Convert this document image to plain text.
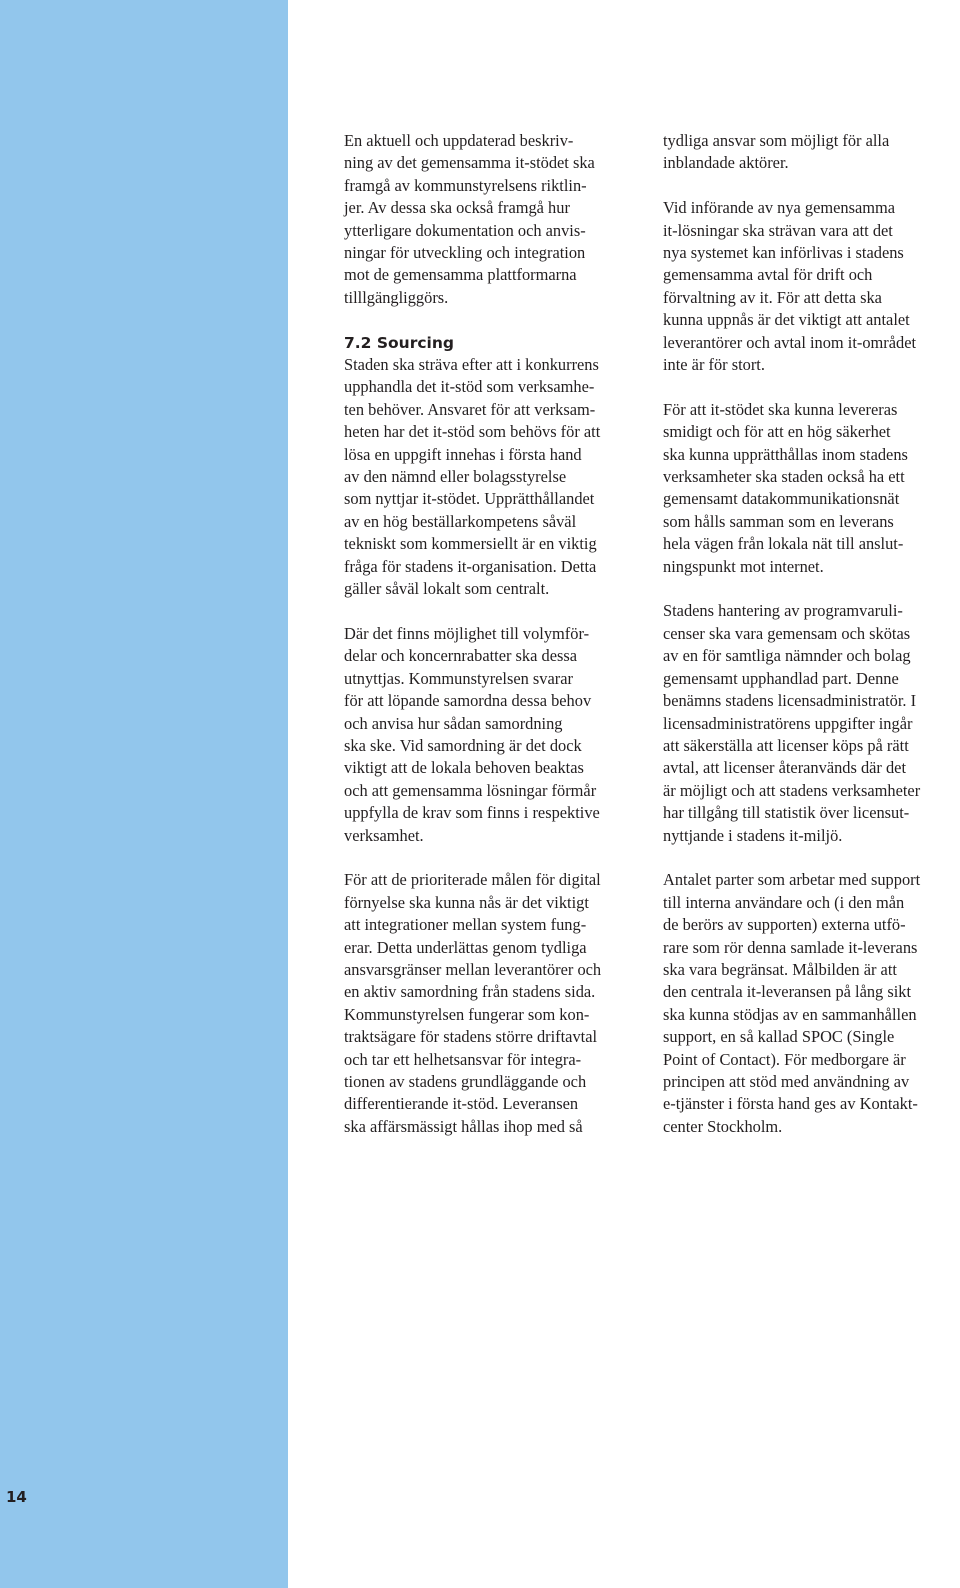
14

En aktuell och uppdaterad beskriv-
ning av det gemensamma it-stödet ska
framgå av kommunstyrelsens riktlin-
jer. Av dessa ska också framgå hur
ytterligare dokumentation och anvis-
ningar för utveckling och integration
mot de gemensamma plattformarna
tilllgängliggörs.

7.2 Sourcing

Staden ska sträva efter att i konkurrens
upphandla det it-stöd som verksamhe-
ten behöver. Ansvaret för att verksam-
heten har det it-stöd som behövs för att
lösa en uppgift innehas i första hand
av den nämnd eller bolagsstyrelse
som nyttjar it-stödet. Upprätthållandet
av en hög beställarkompetens såväl
tekniskt som kommersiellt är en viktig
fråga för stadens it-organisation. Detta
gäller såväl lokalt som centralt.

Där det finns möjlighet till volymför-
delar och koncernrabatter ska dessa
utnyttjas. Kommunstyrelsen svarar
för att löpande samordna dessa behov
och anvisa hur sådan samordning
ska ske. Vid samordning är det dock
viktigt att de lokala behoven beaktas
och att gemensamma lösningar förmår
uppfylla de krav som finns i respektive
verksamhet.

För att de prioriterade målen för digital
förnyelse ska kunna nås är det viktigt
att integrationer mellan system fung-
erar. Detta underlättas genom tydliga
ansvarsgränser mellan leverantörer och
en aktiv samordning från stadens sida.
Kommunstyrelsen fungerar som kon-
traktsägare för stadens större driftavtal
och tar ett helhetsansvar för integra-
tionen av stadens grundläggande och
differentierande it-stöd. Leveransen
ska affärsmässigt hållas ihop med så

tydliga ansvar som möjligt för alla
inblandade aktörer.

Vid införande av nya gemensamma
it-lösningar ska strävan vara att det
nya systemet kan införlivas i stadens
gemensamma avtal för drift och
förvaltning av it. För att detta ska
kunna uppnås är det viktigt att antalet
leverantörer och avtal inom it-området
inte är för stort.

För att it-stödet ska kunna levereras
smidigt och för att en hög säkerhet
ska kunna upprätthållas inom stadens
verksamheter ska staden också ha ett
gemensamt datakommunikationsnät
som hålls samman som en leverans
hela vägen från lokala nät till anslut-
ningspunkt mot internet.

Stadens hantering av programvaruli-
censer ska vara gemensam och skötas
av en för samtliga nämnder och bolag
gemensamt upphandlad part. Denne
benämns stadens licensadministratör. I
licensadministratörens uppgifter ingår
att säkerställa att licenser köps på rätt
avtal, att licenser återanvänds där det
är möjligt och att stadens verksamheter
har tillgång till statistik över licensut-
nyttjande i stadens it-miljö.

Antalet parter som arbetar med support
till interna användare och (i den mån
de berörs av supporten) externa utfö-
rare som rör denna samlade it-leverans
ska vara begränsat. Målbilden är att
den centrala it-leveransen på lång sikt
ska kunna stödjas av en sammanhållen
support, en så kallad SPOC (Single
Point of Contact). För medborgare är
principen att stöd med användning av
e-tjänster i första hand ges av Kontakt-
center Stockholm.
